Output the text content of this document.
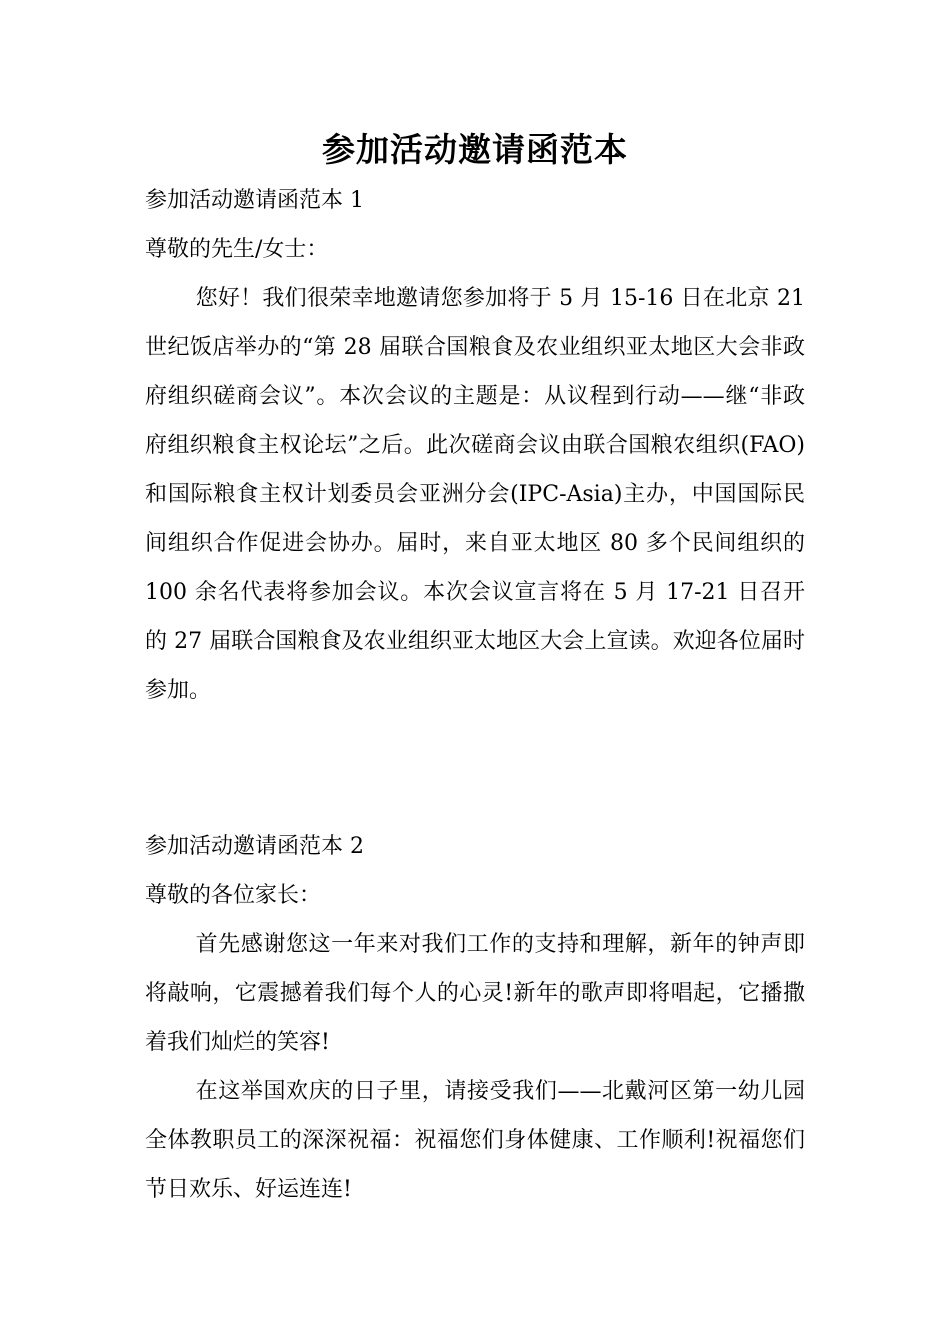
参加活动邀请函范本
参加活动邀请函范本 1
尊敬的先生/女士：

您好！我们很荣幸地邀请您参加将于 5 月 15-16 日在北京 21 世纪饭店举办的“第 28 届联合国粮食及农业组织亚太地区大会非政府组织磋商会议”。本次会议的主题是：从议程到行动——继“非政府组织粮食主权论坛”之后。此次磋商会议由联合国粮农组织(FAO)和国际粮食主权计划委员会亚洲分会(IPC-Asia)主办，中国国际民间组织合作促进会协办。届时，来自亚太地区 80 多个民间组织的 100 余名代表将参加会议。本次会议宣言将在 5 月 17-21 日召开的 27 届联合国粮食及农业组织亚太地区大会上宣读。欢迎各位届时参加。

参加活动邀请函范本 2
尊敬的各位家长：

首先感谢您这一年来对我们工作的支持和理解，新年的钟声即将敲响，它震撼着我们每个人的心灵!新年的歌声即将唱起，它播撒着我们灿烂的笑容!

在这举国欢庆的日子里，请接受我们——北戴河区第一幼儿园全体教职员工的深深祝福：祝福您们身体健康、工作顺利!祝福您们节日欢乐、好运连连!
